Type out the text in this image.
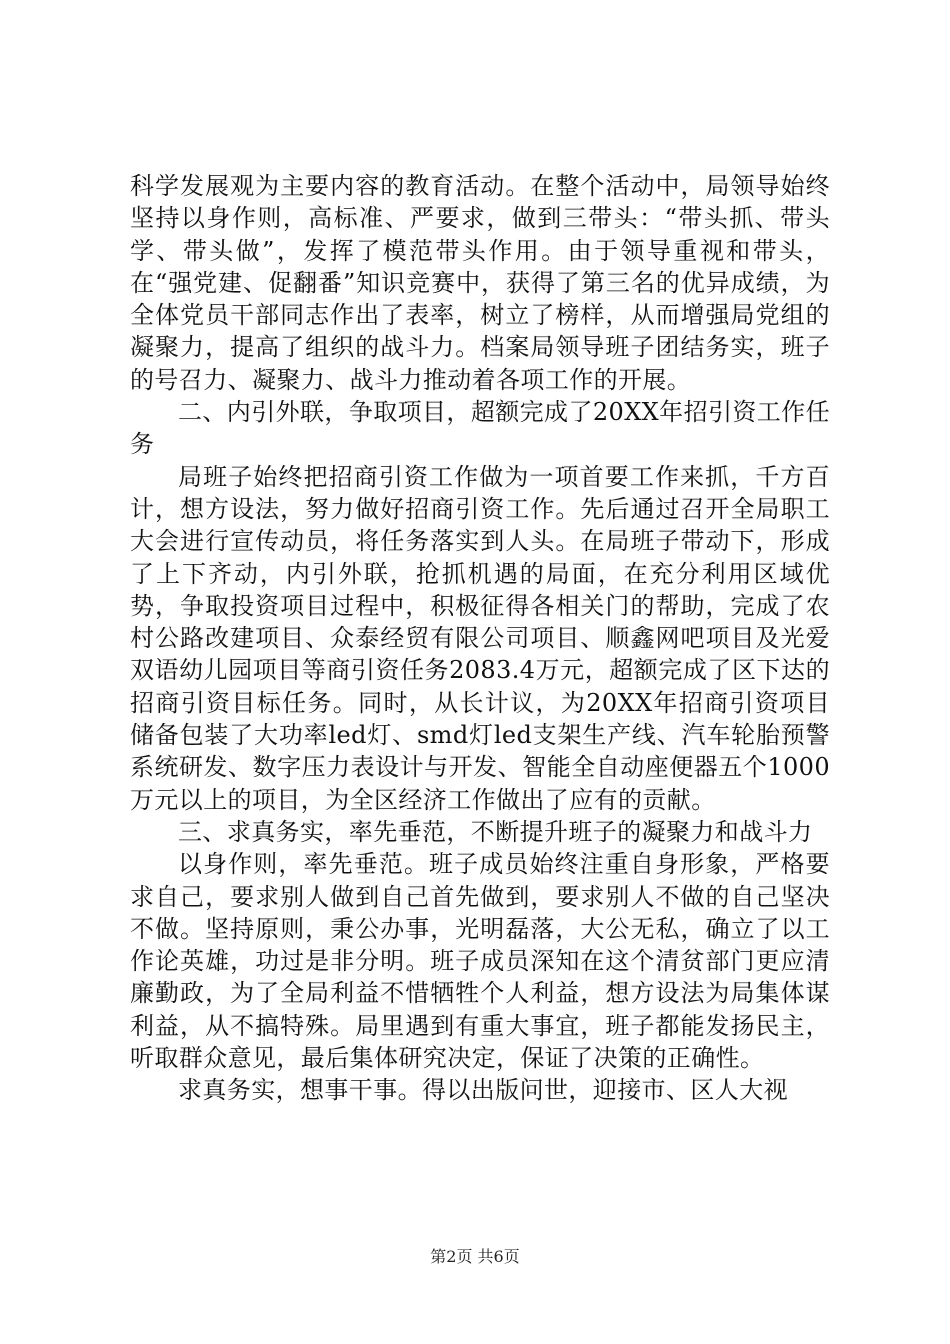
科学发展观为主要内容的教育活动。在整个活动中，局领导始终坚持以身作则，高标准、严要求，做到三带头：“带头抓、带头学、带头做”，发挥了模范带头作用。由于领导重视和带头，在“强党建、促翻番”知识竞赛中，获得了第三名的优异成绩，为全体党员干部同志作出了表率，树立了榜样，从而增强局党组的凝聚力，提高了组织的战斗力。档案局领导班子团结务实，班子的号召力、凝聚力、战斗力推动着各项工作的开展。

二、内引外联，争取项目，超额完成了20XX年招引资工作任务

局班子始终把招商引资工作做为一项首要工作来抓，千方百计，想方设法，努力做好招商引资工作。先后通过召开全局职工大会进行宣传动员，将任务落实到人头。在局班子带动下，形成了上下齐动，内引外联，抢抓机遇的局面，在充分利用区域优势，争取投资项目过程中，积极征得各相关门的帮助，完成了农村公路改建项目、众泰经贸有限公司项目、顺鑫网吧项目及光爱双语幼儿园项目等商引资任务2083.4万元，超额完成了区下达的招商引资目标任务。同时，从长计议，为20XX年招商引资项目储备包装了大功率led灯、smd灯led支架生产线、汽车轮胎预警系统研发、数字压力表设计与开发、智能全自动座便器五个1000万元以上的项目，为全区经济工作做出了应有的贡献。

三、求真务实，率先垂范，不断提升班子的凝聚力和战斗力

以身作则，率先垂范。班子成员始终注重自身形象，严格要求自己，要求别人做到自己首先做到，要求别人不做的自己坚决不做。坚持原则，秉公办事，光明磊落，大公无私，确立了以工作论英雄，功过是非分明。班子成员深知在这个清贫部门更应清廉勤政，为了全局利益不惜牺牲个人利益，想方设法为局集体谋利益，从不搞特殊。局里遇到有重大事宜，班子都能发扬民主，听取群众意见，最后集体研究决定，保证了决策的正确性。

求真务实，想事干事。得以出版问世，迎接市、区人大视

第2页 共6页
